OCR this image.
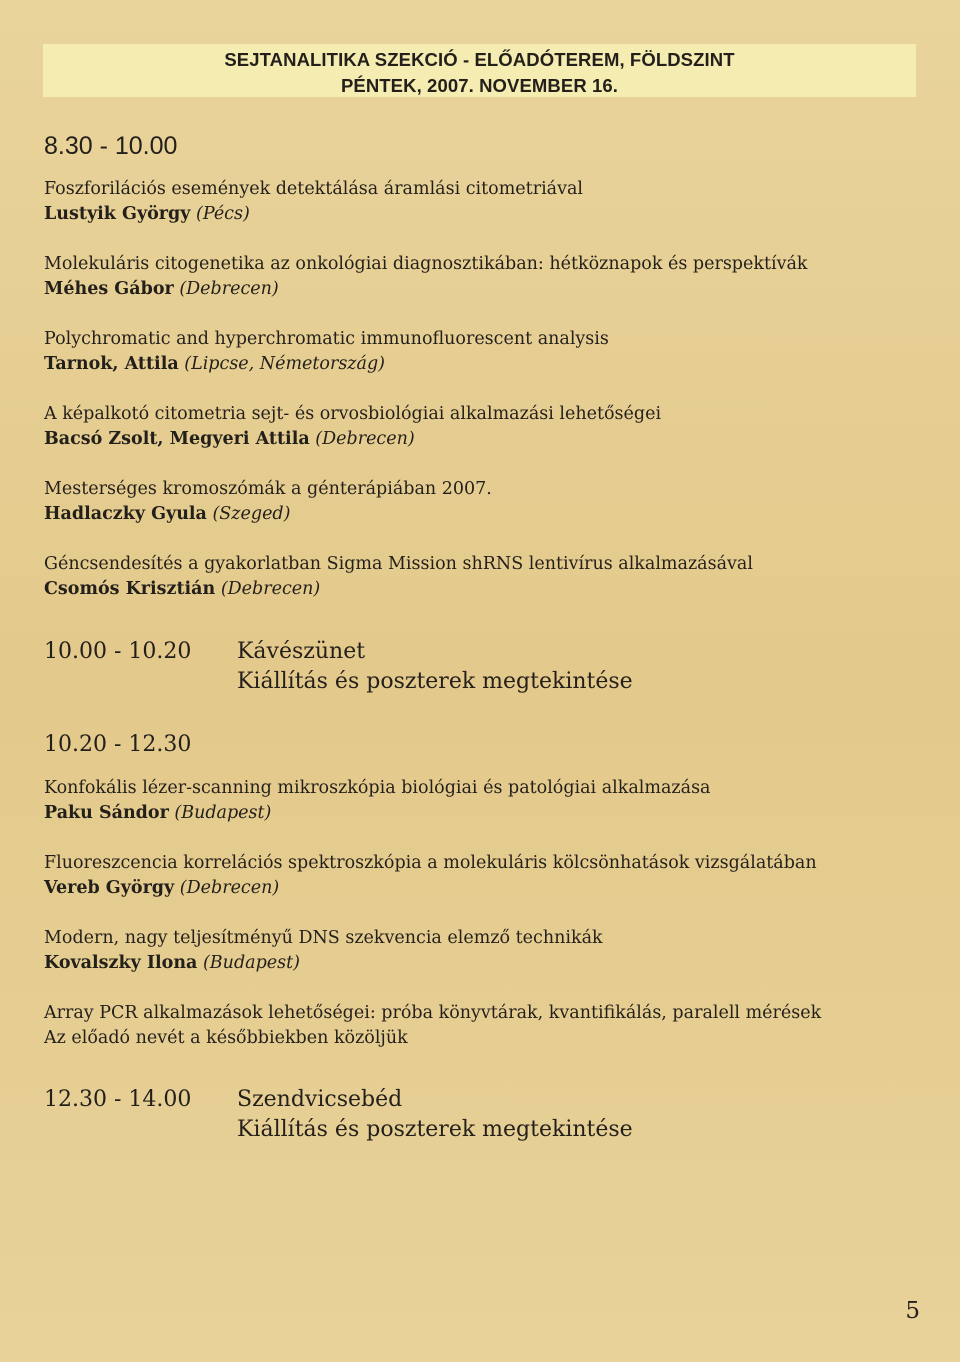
SEJTANALITIKA SZEKCIÓ - ELŐADÓTEREM, FÖLDSZINT
PÉNTEK, 2007. NOVEMBER 16.
8.30 - 10.00
Foszforilációs események detektálása áramlási citometriával
Lustyik György (Pécs)
Molekuláris citogenetika az onkológiai diagnosztikában: hétköznapok és perspektívák
Méhes Gábor (Debrecen)
Polychromatic and hyperchromatic immunofluorescent analysis
Tarnok, Attila (Lipcse, Németország)
A képalkotó citometria sejt- és orvosbiológiai alkalmazási lehetőségei
Bacsó Zsolt, Megyeri Attila (Debrecen)
Mesterséges kromoszómák a génterápiában 2007.
Hadlaczky Gyula (Szeged)
Géncsendesítés a gyakorlatban Sigma Mission shRNS lentivírus alkalmazásával
Csomós Krisztián (Debrecen)
10.00 - 10.20 Kávészünet
Kiállítás és poszterek megtekintése
10.20 - 12.30
Konfokális lézer-scanning mikroszkópia biológiai és patológiai alkalmazása
Paku Sándor (Budapest)
Fluoreszcencia korrelációs spektroszkópia a molekuláris kölcsönhatások vizsgálatában
Vereb György (Debrecen)
Modern, nagy teljesítményű DNS szekvencia elemző technikák
Kovalszky Ilona (Budapest)
Array PCR alkalmazások lehetőségei: próba könyvtárak, kvantifikálás, paralell mérések
Az előadó nevét a későbbiekben közöljük
12.30 - 14.00 Szendvicsebéd
Kiállítás és poszterek megtekintése
5
